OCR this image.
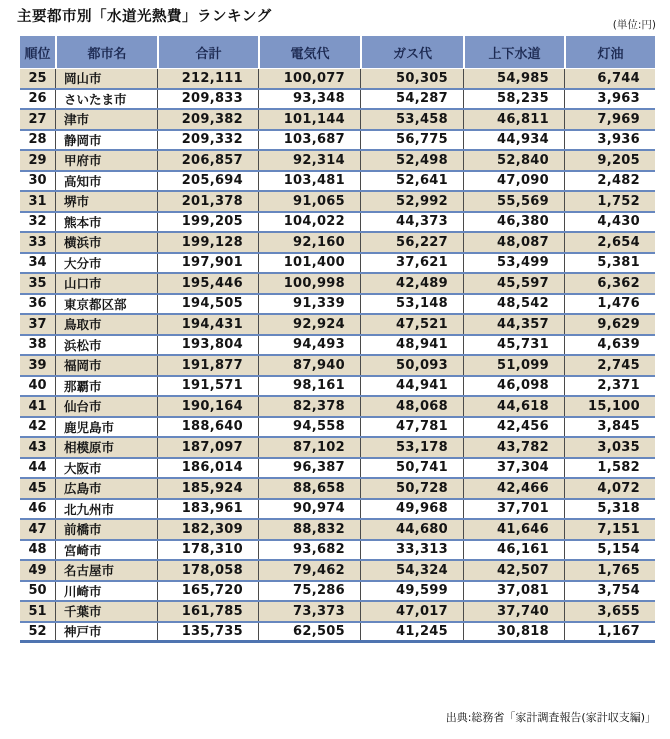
主要都市別「水道光熱費」ランキング	(単位:円)
順位	都市名	合計	電気代	ガス代	上下水道	灯油
25	岡山市	212,111	100,077	50,305	54,985	6,744
26	さいたま市	209,833	93,348	54,287	58,235	3,963
27	津市	209,382	101,144	53,458	46,811	7,969
28	静岡市	209,332	103,687	56,775	44,934	3,936
29	甲府市	206,857	92,314	52,498	52,840	9,205
30	高知市	205,694	103,481	52,641	47,090	2,482
31	堺市	201,378	91,065	52,992	55,569	1,752
32	熊本市	199,205	104,022	44,373	46,380	4,430
33	横浜市	199,128	92,160	56,227	48,087	2,654
34	大分市	197,901	101,400	37,621	53,499	5,381
35	山口市	195,446	100,998	42,489	45,597	6,362
36	東京都区部	194,505	91,339	53,148	48,542	1,476
37	鳥取市	194,431	92,924	47,521	44,357	9,629
38	浜松市	193,804	94,493	48,941	45,731	4,639
39	福岡市	191,877	87,940	50,093	51,099	2,745
40	那覇市	191,571	98,161	44,941	46,098	2,371
41	仙台市	190,164	82,378	48,068	44,618	15,100
42	鹿児島市	188,640	94,558	47,781	42,456	3,845
43	相模原市	187,097	87,102	53,178	43,782	3,035
44	大阪市	186,014	96,387	50,741	37,304	1,582
45	広島市	185,924	88,658	50,728	42,466	4,072
46	北九州市	183,961	90,974	49,968	37,701	5,318
47	前橋市	182,309	88,832	44,680	41,646	7,151
48	宮崎市	178,310	93,682	33,313	46,161	5,154
49	名古屋市	178,058	79,462	54,324	42,507	1,765
50	川崎市	165,720	75,286	49,599	37,081	3,754
51	千葉市	161,785	73,373	47,017	37,740	3,655
52	神戸市	135,735	62,505	41,245	30,818	1,167
出典:総務省「家計調査報告(家計収支編)」
